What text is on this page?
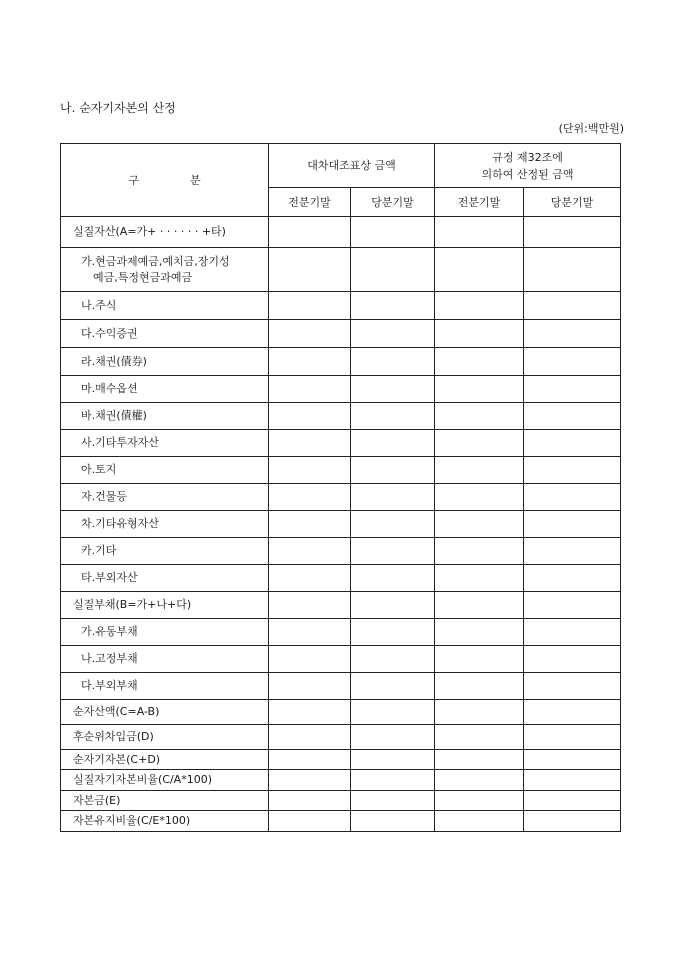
나. 순자기자본의 산정
(단위:백만원)
구 분	대차대조표상 금액		규정 제32조에
의하여 산정된 금액	

	전분기말	당분기말	전분기말	당분기말
실질자산(A=가+ · · · · · · +타)				

가.현금과제예금,예치금,장기성
예금,특정현금과예금				

나.주식				
다.수익증권				
라.채권(債券)				
마.매수옵션				
바.채권(債權)				
사.기타투자자산				
아.토지				
자.건물등				
차.기타유형자산				
카.기타				
타.부외자산				
실질부채(B=가+나+다)				
가.유동부채				
나.고정부채				
다.부외부채				
순자산액(C=A-B)				
후순위차입금(D)				
순자기자본(C+D)				
실질자기자본비율(C/A*100)				
자본금(E)				
자본유지비율(C/E*100)				
